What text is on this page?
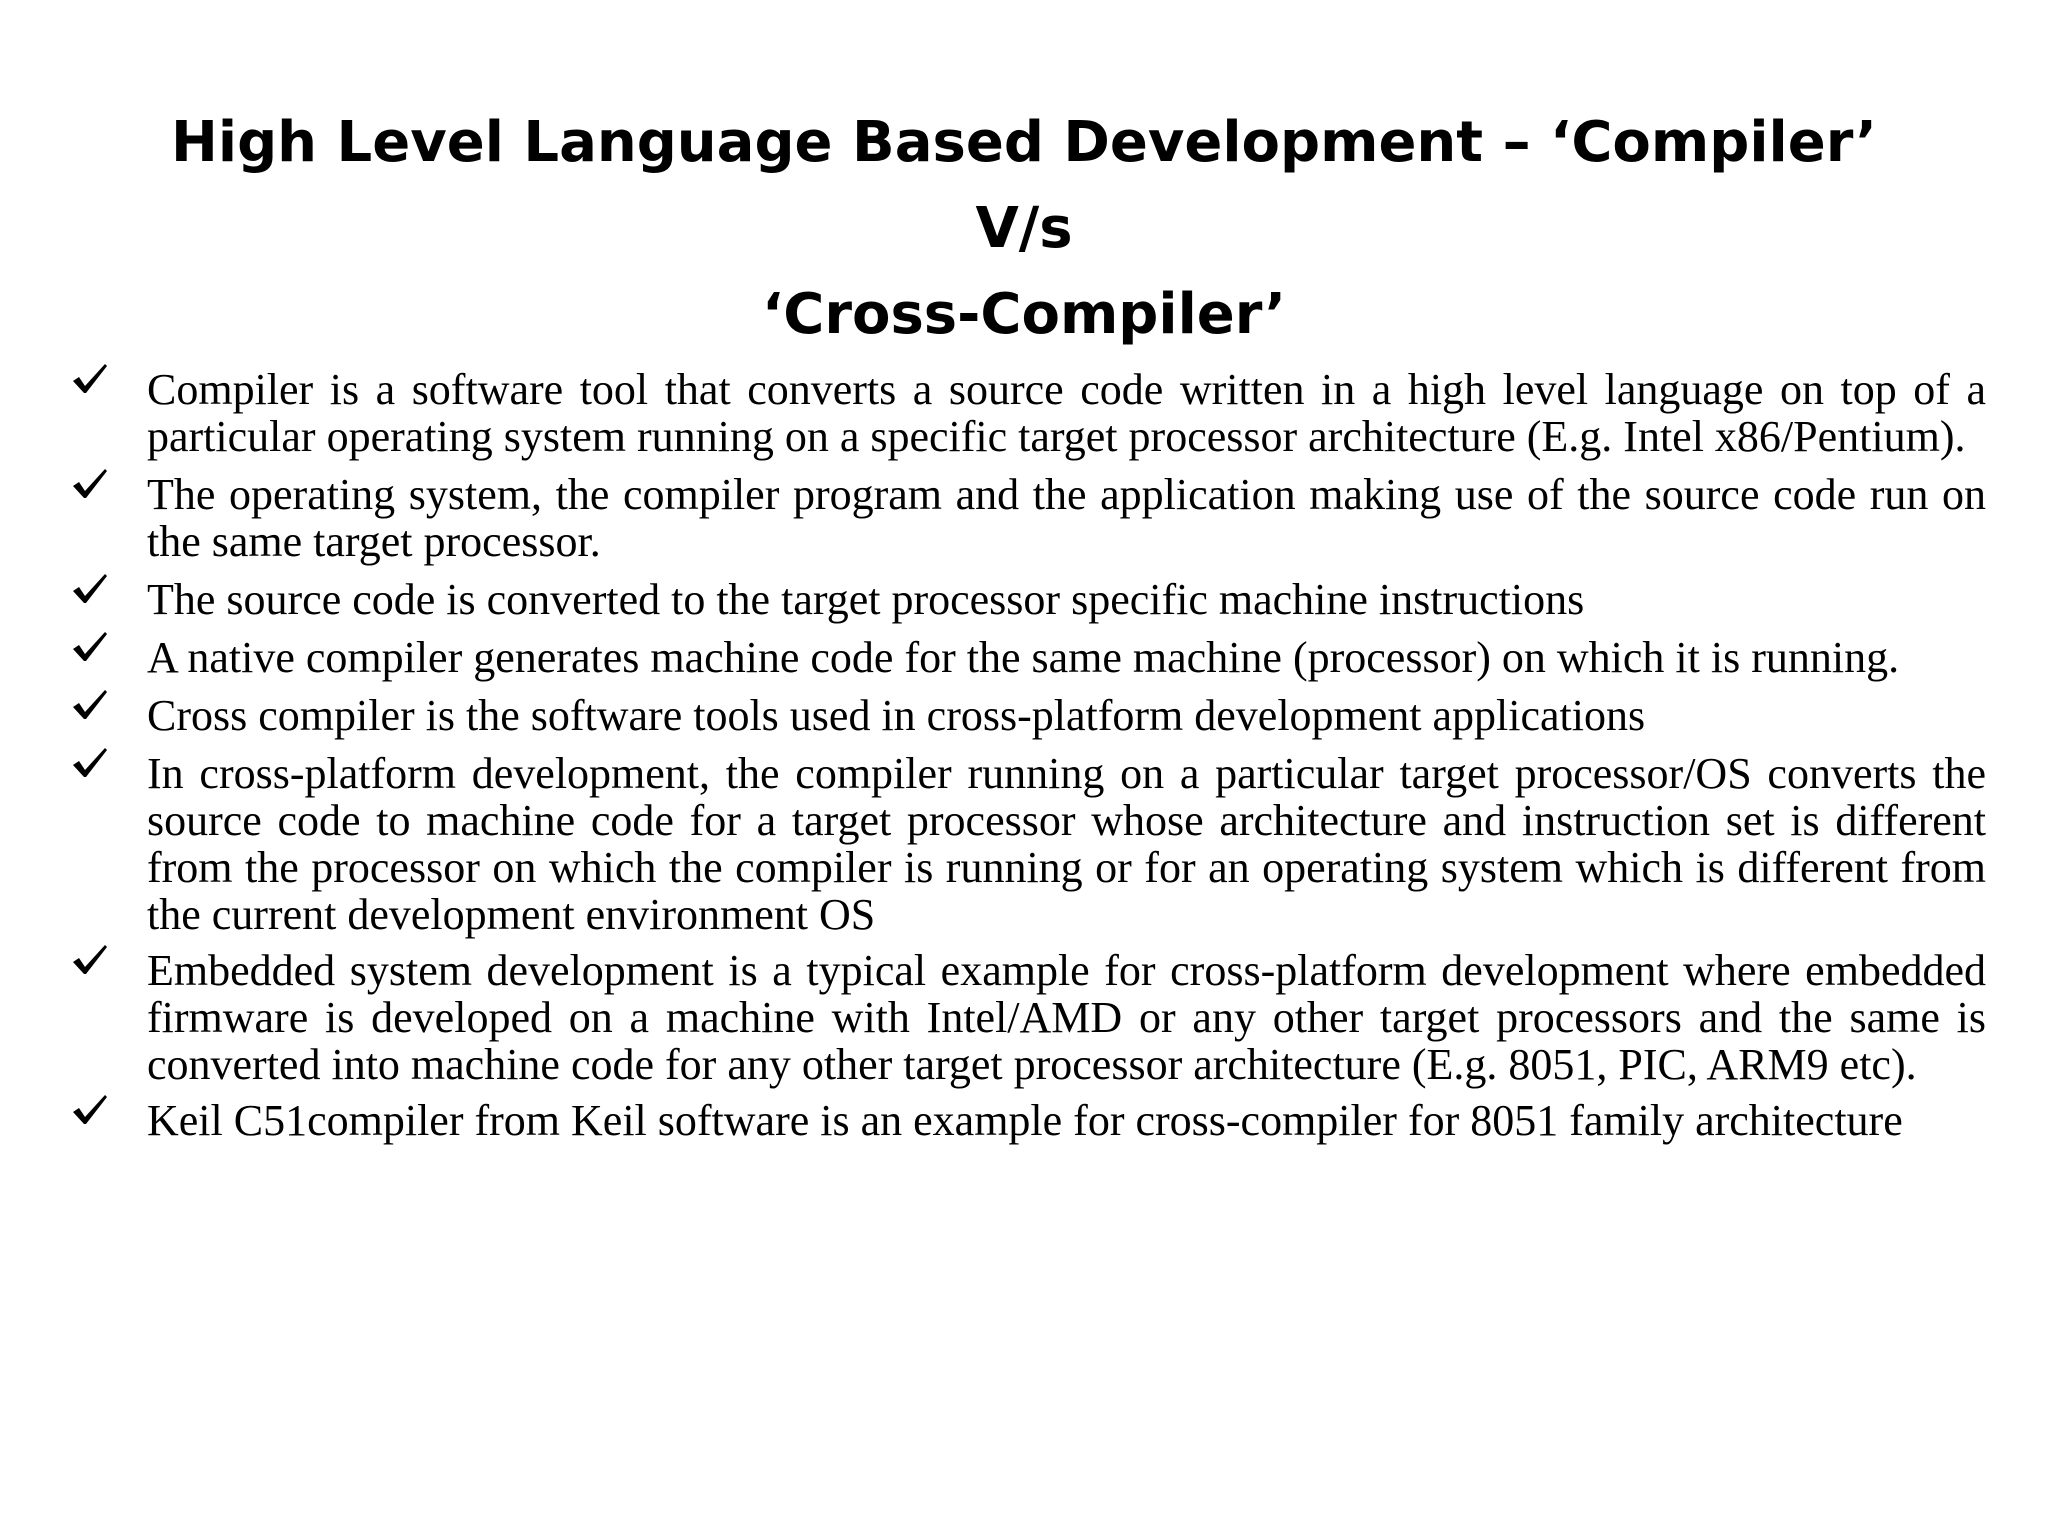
High Level Language Based Development – ‘Compiler’ V/s
‘Cross-Compiler’
Compiler is a software tool that converts a source code written in a high level language on top of a particular operating system running on a specific target processor architecture (E.g. Intel x86/Pentium).
The operating system, the compiler program and the application making use of the source code run on the same target processor.
The source code is converted to the target processor specific machine instructions
A native compiler generates machine code for the same machine (processor) on which it is running.
Cross compiler is the software tools used in cross-platform development applications
In cross-platform development, the compiler running on a particular target processor/OS converts the source code to machine code for a target processor whose architecture and instruction set is different from the processor on which the compiler is running or for an operating system which is different from the current development environment OS
Embedded system development is a typical example for cross-platform development where embedded firmware is developed on a machine with Intel/AMD or any other target processors and the same is converted into machine code for any other target processor architecture (E.g. 8051, PIC, ARM9 etc).
Keil C51compiler from Keil software is an example for cross-compiler for 8051 family architecture
